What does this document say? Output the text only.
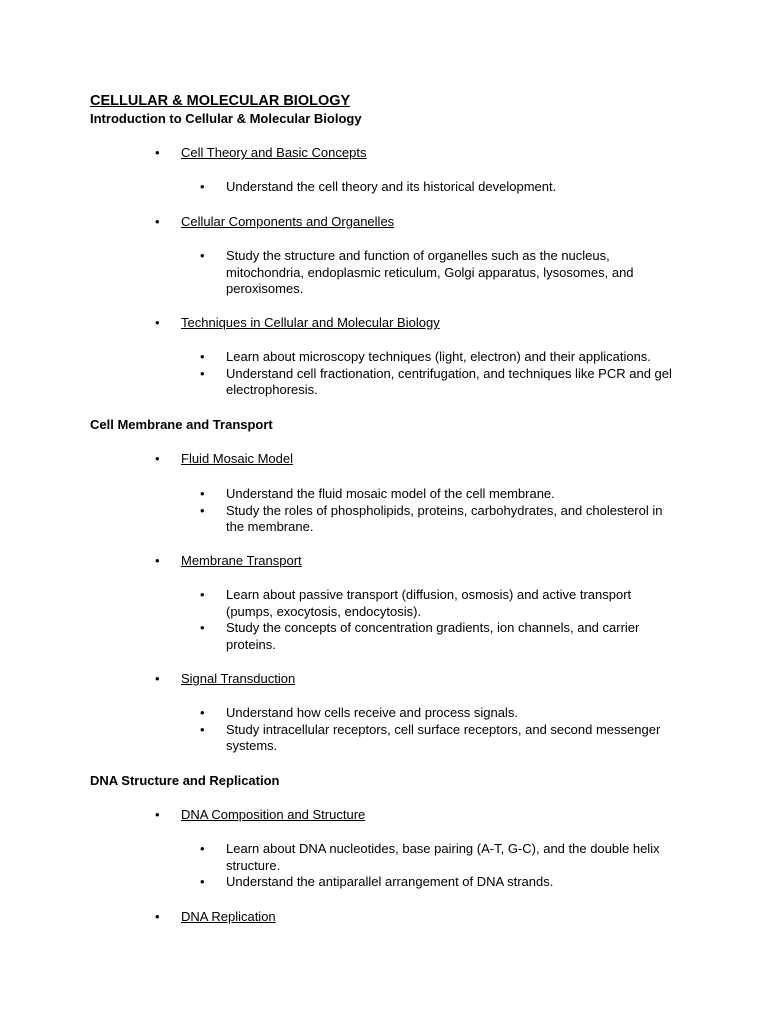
CELLULAR & MOLECULAR BIOLOGY
Introduction to Cellular & Molecular Biology
•	Cell Theory and Basic Concepts
• Understand the cell theory and its historical development.
•	Cellular Components and Organelles
• Study the structure and function of organelles such as the nucleus, mitochondria, endoplasmic reticulum, Golgi apparatus, lysosomes, and peroxisomes.
•	Techniques in Cellular and Molecular Biology
• Learn about microscopy techniques (light, electron) and their applications.
• Understand cell fractionation, centrifugation, and techniques like PCR and gel electrophoresis.
Cell Membrane and Transport
•	Fluid Mosaic Model
• Understand the fluid mosaic model of the cell membrane.
• Study the roles of phospholipids, proteins, carbohydrates, and cholesterol in the membrane.
•	Membrane Transport
• Learn about passive transport (diffusion, osmosis) and active transport (pumps, exocytosis, endocytosis).
• Study the concepts of concentration gradients, ion channels, and carrier proteins.
•	Signal Transduction
• Understand how cells receive and process signals.
• Study intracellular receptors, cell surface receptors, and second messenger systems.
DNA Structure and Replication
•	DNA Composition and Structure
• Learn about DNA nucleotides, base pairing (A-T, G-C), and the double helix structure.
• Understand the antiparallel arrangement of DNA strands.
•	DNA Replication
